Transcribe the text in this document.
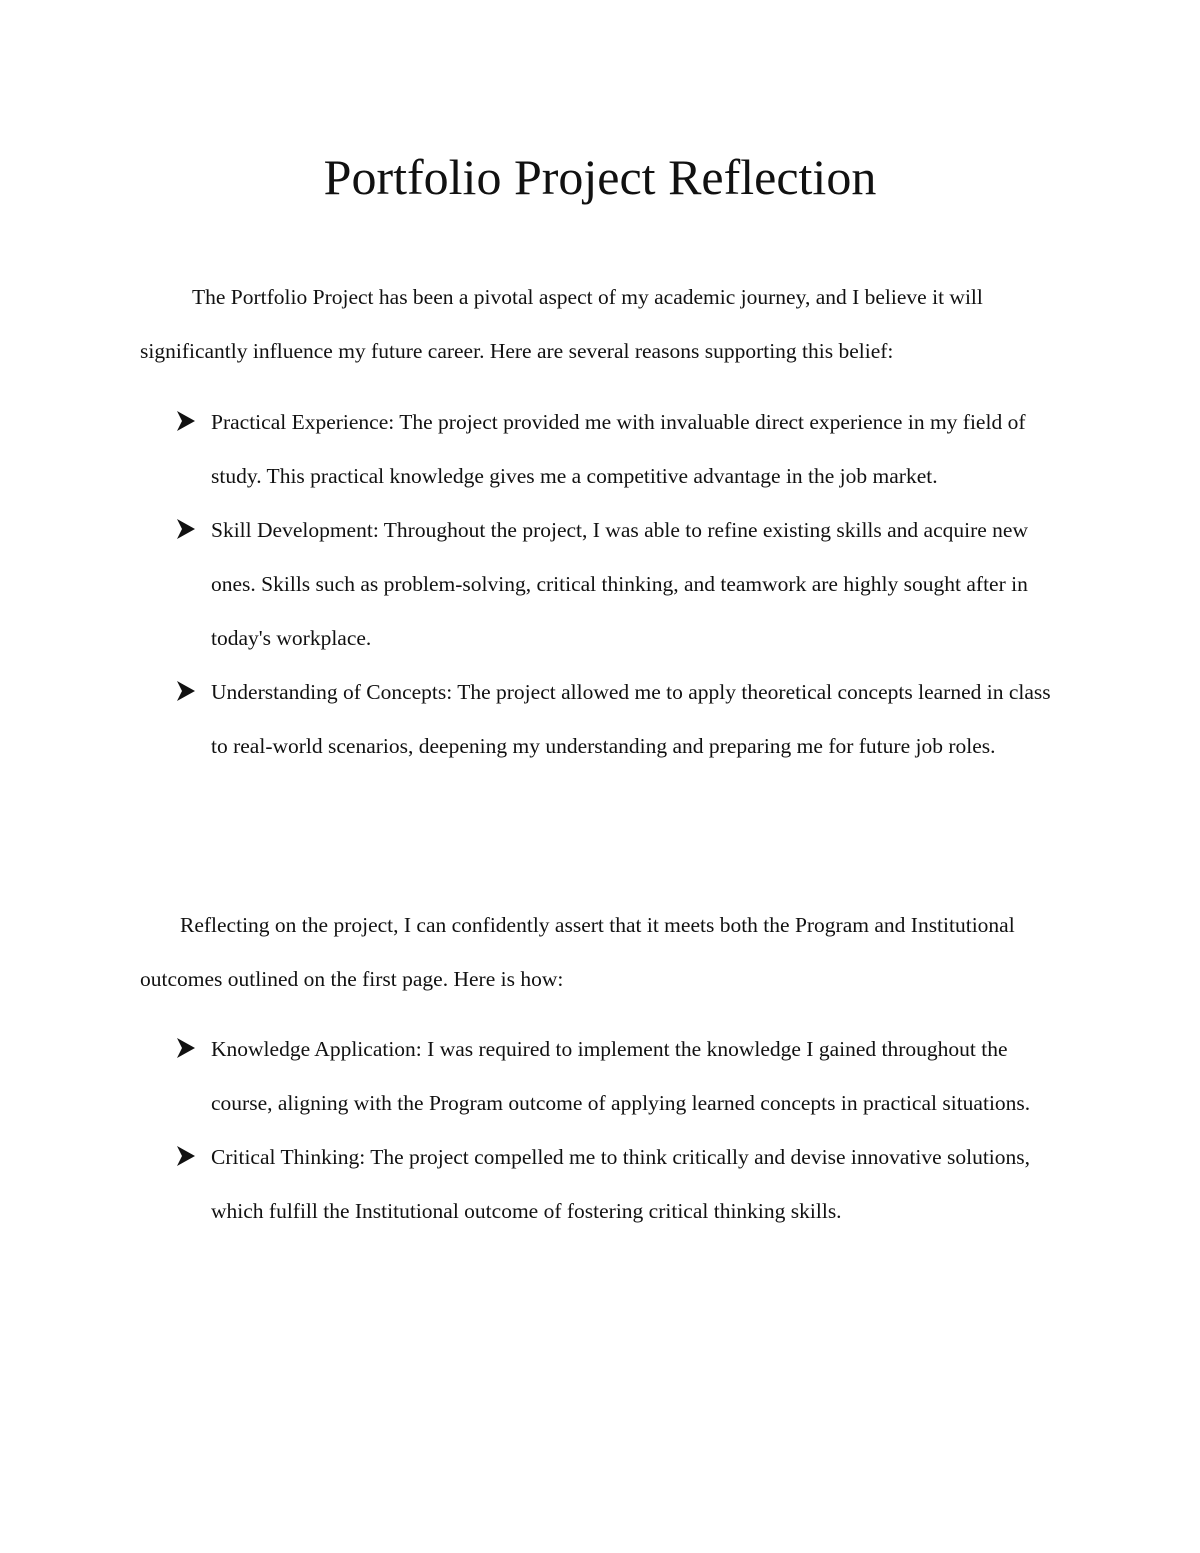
Portfolio Project Reflection

The Portfolio Project has been a pivotal aspect of my academic journey, and I believe it will significantly influence my future career. Here are several reasons supporting this belief:

Practical Experience: The project provided me with invaluable direct experience in my field of study. This practical knowledge gives me a competitive advantage in the job market.
Skill Development: Throughout the project, I was able to refine existing skills and acquire new ones. Skills such as problem-solving, critical thinking, and teamwork are highly sought after in today's workplace.
Understanding of Concepts: The project allowed me to apply theoretical concepts learned in class to real-world scenarios, deepening my understanding and preparing me for future job roles.

Reflecting on the project, I can confidently assert that it meets both the Program and Institutional outcomes outlined on the first page. Here is how:

Knowledge Application: I was required to implement the knowledge I gained throughout the course, aligning with the Program outcome of applying learned concepts in practical situations.
Critical Thinking: The project compelled me to think critically and devise innovative solutions, which fulfill the Institutional outcome of fostering critical thinking skills.
